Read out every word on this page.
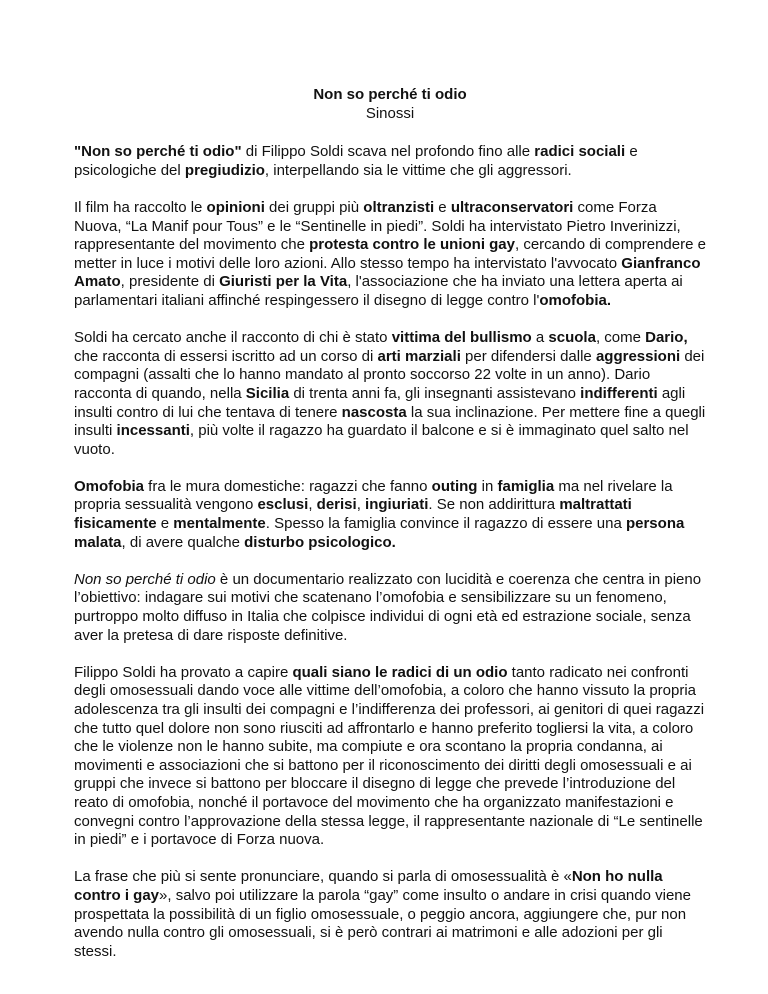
Non so perché ti odio
Sinossi

"Non so perché ti odio" di Filippo Soldi scava nel profondo fino alle radici sociali e psicologiche del pregiudizio, interpellando sia le vittime che gli aggressori.

Il film ha raccolto le opinioni dei gruppi più oltranzisti e ultraconservatori come Forza Nuova, “La Manif pour Tous” e le “Sentinelle in piedi”. Soldi ha intervistato Pietro Inverinizzi, rappresentante del movimento che protesta contro le unioni gay, cercando di comprendere e metter in luce i motivi delle loro azioni. Allo stesso tempo ha intervistato l'avvocato Gianfranco Amato, presidente di Giuristi per la Vita, l'associazione che ha inviato una lettera aperta ai parlamentari italiani affinché respingessero il disegno di legge contro l'omofobia.

Soldi ha cercato anche il racconto di chi è stato vittima del bullismo a scuola, come Dario, che racconta di essersi iscritto ad un corso di arti marziali per difendersi dalle aggressioni dei compagni (assalti che lo hanno mandato al pronto soccorso 22 volte in un anno). Dario racconta di quando, nella Sicilia di trenta anni fa, gli insegnanti assistevano indifferenti agli insulti contro di lui che tentava di tenere nascosta la sua inclinazione. Per mettere fine a quegli insulti incessanti, più volte il ragazzo ha guardato il balcone e si è immaginato quel salto nel vuoto.

Omofobia fra le mura domestiche: ragazzi che fanno outing in famiglia ma nel rivelare la propria sessualità vengono esclusi, derisi, ingiuriati. Se non addirittura maltrattati fisicamente e mentalmente. Spesso la famiglia convince il ragazzo di essere una persona malata, di avere qualche disturbo psicologico.

Non so perché ti odio è un documentario realizzato con lucidità e coerenza che centra in pieno l’obiettivo: indagare sui motivi che scatenano l’omofobia e sensibilizzare su un fenomeno, purtroppo molto diffuso in Italia che colpisce individui di ogni età ed estrazione sociale, senza aver la pretesa di dare risposte definitive.

Filippo Soldi ha provato a capire quali siano le radici di un odio tanto radicato nei confronti degli omosessuali dando voce alle vittime dell’omofobia, a coloro che hanno vissuto la propria adolescenza tra gli insulti dei compagni e l’indifferenza dei professori, ai genitori di quei ragazzi che tutto quel dolore non sono riusciti ad affrontarlo e hanno preferito togliersi la vita, a coloro che le violenze non le hanno subite, ma compiute e ora scontano la propria condanna, ai movimenti e associazioni che si battono per il riconoscimento dei diritti degli omosessuali e ai gruppi che invece si battono per bloccare il disegno di legge che prevede l’introduzione del reato di omofobia, nonché il portavoce del movimento che ha organizzato manifestazioni e convegni contro l’approvazione della stessa legge, il rappresentante nazionale di “Le sentinelle in piedi” e i portavoce di Forza nuova.

La frase che più si sente pronunciare, quando si parla di omosessualità è «Non ho nulla contro i gay», salvo poi utilizzare la parola “gay” come insulto o andare in crisi quando viene prospettata la possibilità di un figlio omosessuale, o peggio ancora, aggiungere che, pur non avendo nulla contro gli omosessuali, si è però contrari ai matrimoni e alle adozioni per gli stessi.
